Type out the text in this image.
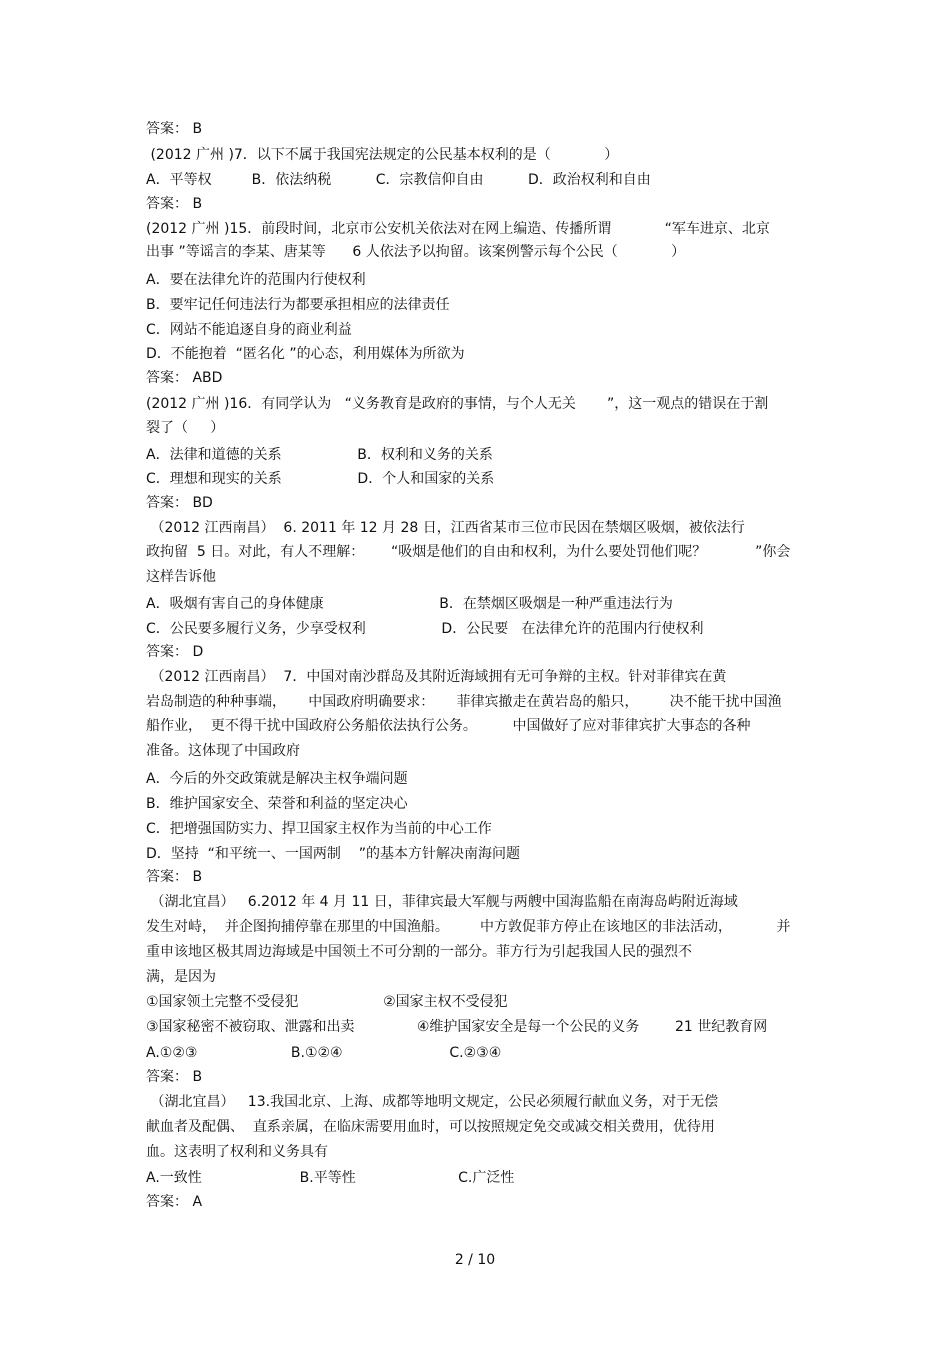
答案： B
(2012 广州 )7．以下不属于我国宪法规定的公民基本权利的是（            ）
A．平等权         B．依法纳税          C．宗教信仰自由          D．政治权利和自由
答案： B
(2012 广州 )15．前段时间，北京市公安机关依法对在网上编造、传播所谓            “军车进京、北京
出事 ”等谣言的李某、唐某等      6 人依法予以拘留。该案例警示每个公民（            ）
A．要在法律允许的范围内行使权利
B．要牢记任何违法行为都要承担相应的法律责任
C．网站不能追逐自身的商业利益
D．不能抱着  “匿名化 ”的心态，利用媒体为所欲为
答案： ABD
(2012 广州 )16．有同学认为   “义务教育是政府的事情，与个人无关       ”，这一观点的错误在于割
裂了（     ）
A．法律和道德的关系                 B．权利和义务的关系
C．理想和现实的关系                 D．个人和国家的关系
答案： BD
（2012 江西南昌）  6. 2011 年 12 月 28 日，江西省某市三位市民因在禁烟区吸烟，被依法行
政拘留  5 日。对此，有人不理解：      “吸烟是他们的自由和权利，为什么要处罚他们呢？           ”你会
这样告诉他
A．吸烟有害自己的身体健康                          B．在禁烟区吸烟是一种严重违法行为
C．公民要多履行义务，少享受权利                 D．公民要   在法律允许的范围内行使权利
答案： D
（2012 江西南昌）  7．中国对南沙群岛及其附近海域拥有无可争辩的主权。针对菲律宾在黄
岩岛制造的种种事端，     中国政府明确要求：     菲律宾撤走在黄岩岛的船只，       决不能干扰中国渔
船作业，  更不得干扰中国政府公务船依法执行公务。        中国做好了应对菲律宾扩大事态的各种
准备。这体现了中国政府
A．今后的外交政策就是解决主权争端问题
B．维护国家安全、荣誉和利益的坚定决心
C．把增强国防实力、捍卫国家主权作为当前的中心工作
D．坚持  “和平统一、一国两制    ”的基本方针解决南海问题
答案： B
（湖北宜昌）   6.2012 年 4 月 11 日，菲律宾最大军舰与两艘中国海监船在南海岛屿附近海域
发生对峙，  并企图拘捕停靠在那里的中国渔船。       中方敦促菲方停止在该地区的非法活动，          并
重申该地区极其周边海域是中国领土不可分割的一部分。菲方行为引起我国人民的强烈不
满，是因为
①国家领土完整不受侵犯                   ②国家主权不受侵犯
③国家秘密不被窃取、泄露和出卖              ④维护国家安全是每一个公民的义务        21 世纪教育网
A.①②③                     B.①②④                        C.②③④
答案： B
（湖北宜昌）   13.我国北京、上海、成都等地明文规定，公民必须履行献血义务，对于无偿
献血者及配偶、  直系亲属，在临床需要用血时，可以按照规定免交或减交相关费用，优待用
血。这表明了权利和义务具有
A.一致性                      B.平等性                       C.广泛性
答案： A
2 / 10
